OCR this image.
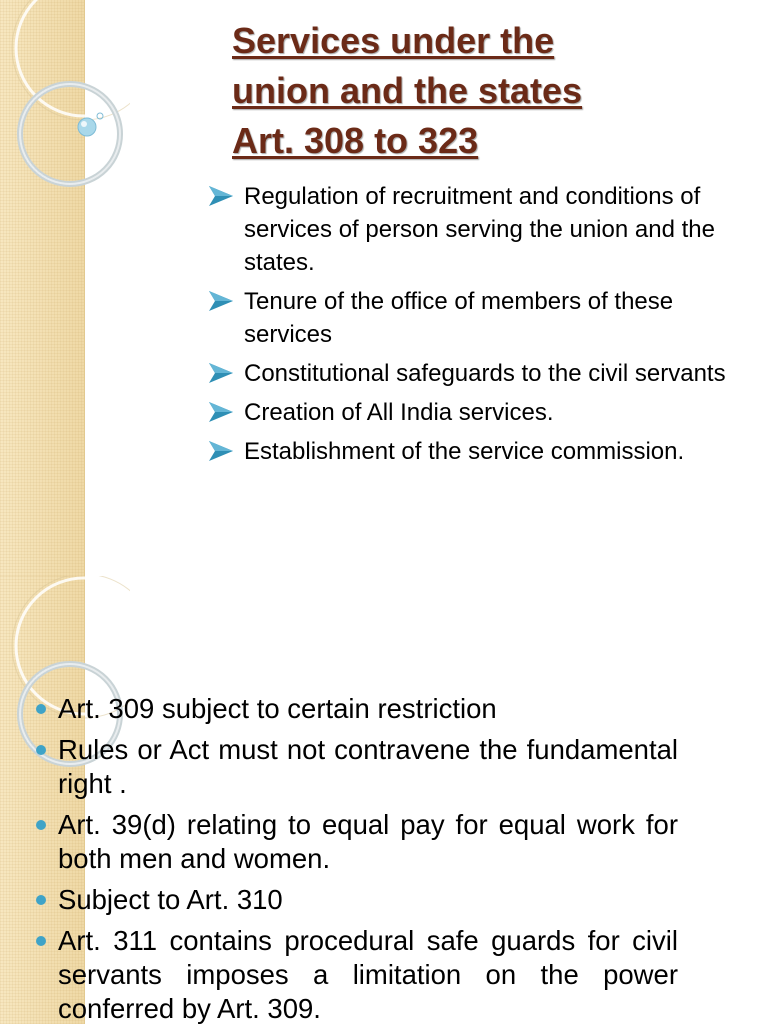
Services under the
union and the states
Art. 308 to 323
Regulation of recruitment and conditions of services of person serving the union and the states.
Tenure of the office of members of these services
Constitutional safeguards to the civil servants
Creation of All India services.
Establishment of the service commission.
Art. 309 subject to certain restriction
Rules or Act must not contravene the fundamental right .
Art. 39(d) relating to equal pay for equal work for both men and women.
Subject to Art. 310
Art. 311 contains procedural safe guards for civil servants imposes a limitation on the power conferred by Art. 309.
